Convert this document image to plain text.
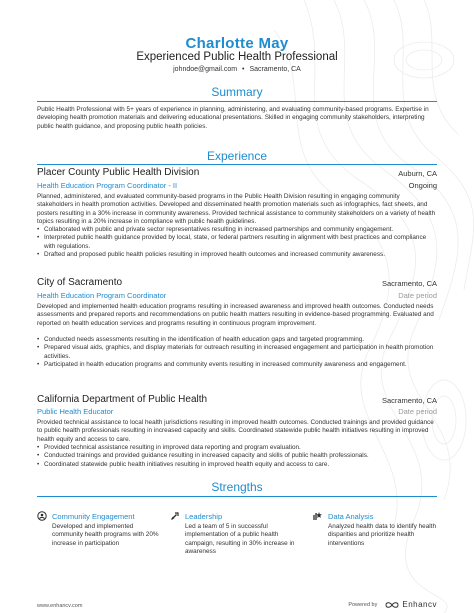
Charlotte May
Experienced Public Health Professional
johndoe@gmail.com • Sacramento, CA
Summary
Public Health Professional with 5+ years of experience in planning, administering, and evaluating community-based programs. Expertise in developing health promotion materials and delivering educational presentations. Skilled in engaging community stakeholders, interpreting public health guidance, and proposing public health policies.
Experience
Placer County Public Health Division	Auburn, CA
Health Education Program Coordinator - II	Ongoing
Planned, administered, and evaluated community-based programs in the Public Health Division resulting in engaging community stakeholders in health promotion activities. Developed and disseminated health promotion materials such as infographics, fact sheets, and posters resulting in a 30% increase in community awareness. Provided technical assistance to community stakeholders on a variety of health topics resulting in a 20% increase in compliance with public health guidelines.
• Collaborated with public and private sector representatives resulting in increased partnerships and community engagement.
• Interpreted public health guidance provided by local, state, or federal partners resulting in alignment with best practices and compliance with regulations.
• Drafted and proposed public health policies resulting in improved health outcomes and increased community awareness.
City of Sacramento	Sacramento, CA
Health Education Program Coordinator	Date period
Developed and implemented health education programs resulting in increased awareness and improved health outcomes. Conducted needs assessments and prepared reports and recommendations on public health matters resulting in evidence-based programming. Evaluated and reported on health education services and programs resulting in continuous program improvement.
• Conducted needs assessments resulting in the identification of health education gaps and targeted programming.
• Prepared visual aids, graphics, and display materials for outreach resulting in increased engagement and participation in health promotion activities.
• Participated in health education programs and community events resulting in increased community awareness and engagement.
California Department of Public Health	Sacramento, CA
Public Health Educator	Date period
Provided technical assistance to local health jurisdictions resulting in improved health outcomes. Conducted trainings and provided guidance to public health professionals resulting in increased capacity and skills. Coordinated statewide public health initiatives resulting in improved health equity and access to care.
• Provided technical assistance resulting in improved data reporting and program evaluation.
• Conducted trainings and provided guidance resulting in increased capacity and skills of public health professionals.
• Coordinated statewide public health initiatives resulting in improved health equity and access to care.
Strengths
Community Engagement
Developed and implemented community health programs with 20% increase in participation
Leadership
Led a team of 5 in successful implementation of a public health campaign, resulting in 30% increase in awareness
Data Analysis
Analyzed health data to identify health disparities and prioritize health interventions
www.enhancv.com	Powered by	Enhancv
